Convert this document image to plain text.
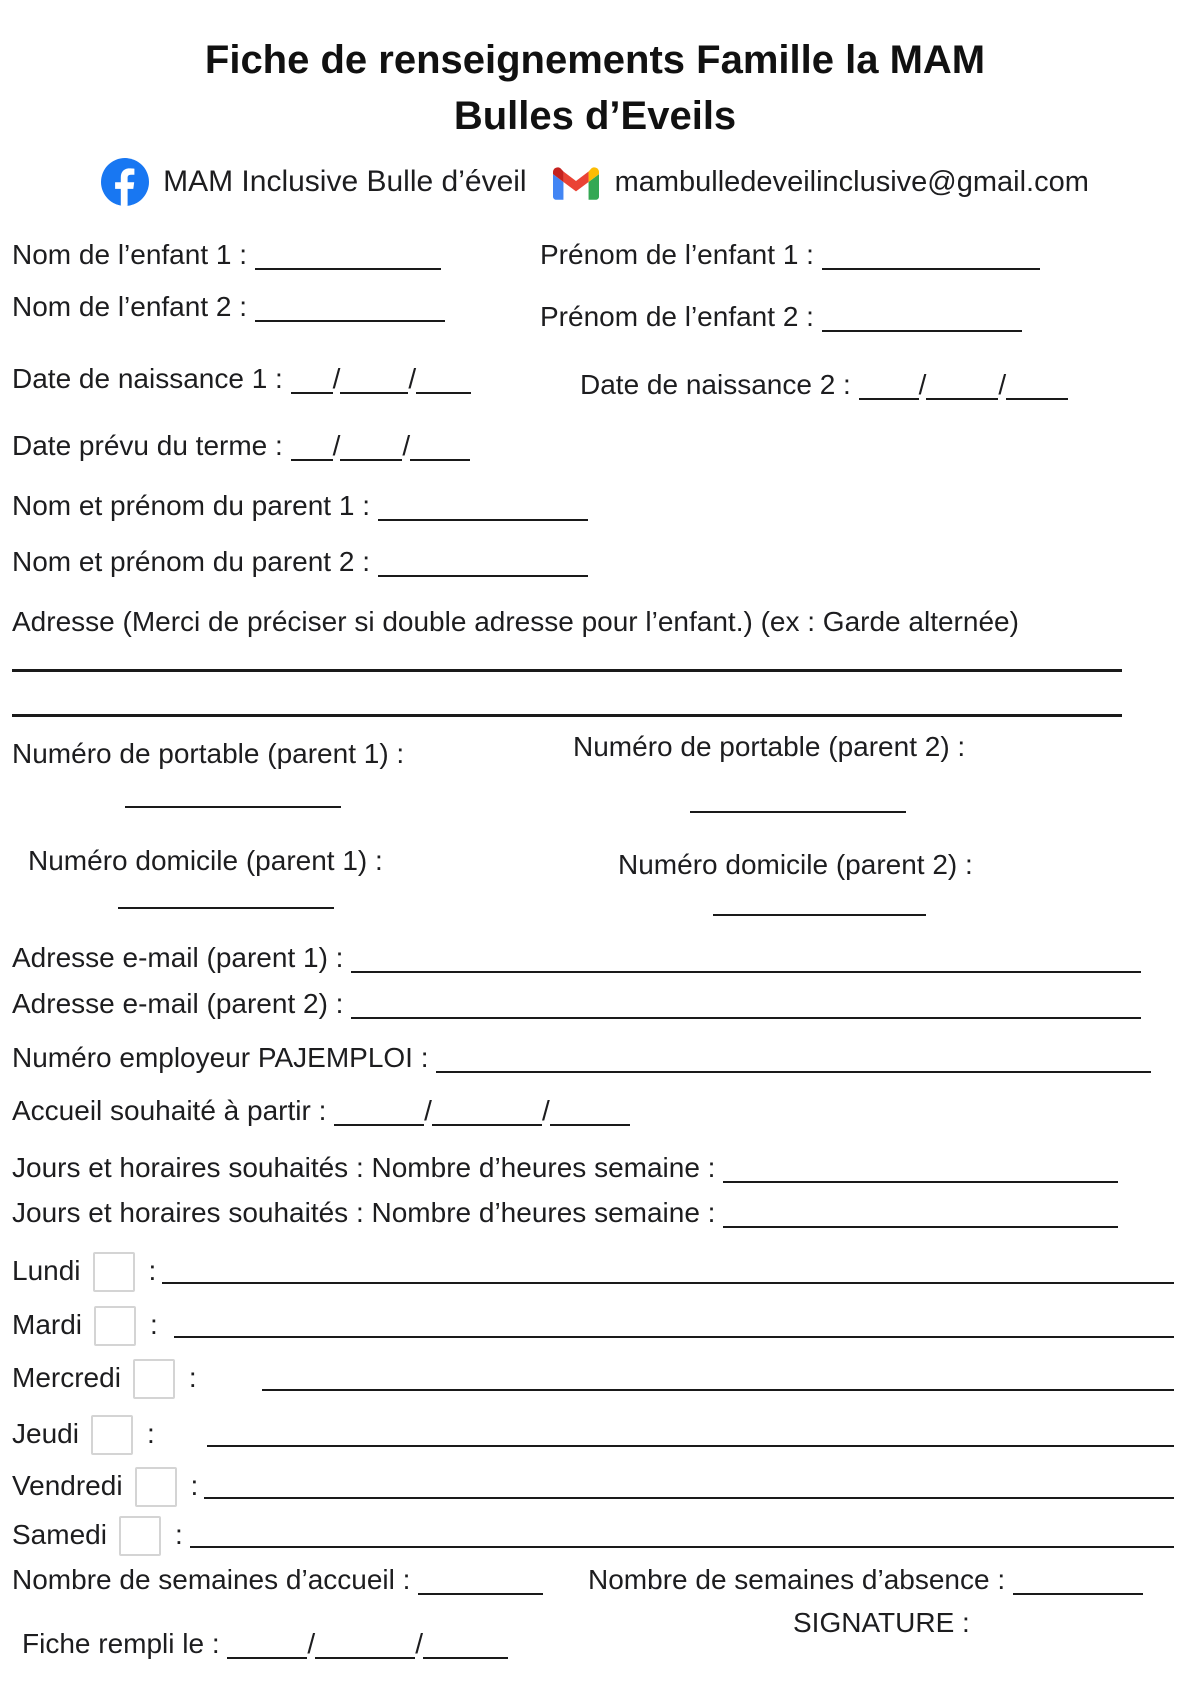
Fiche de renseignements Famille la MAM
Bulles d’Eveils
MAM Inclusive Bulle d’éveil	mambulledeveilinclusive@gmail.com
Nom de l’enfant 1 :	Prénom de l’enfant 1 :
Nom de l’enfant 2 :	Prénom de l’enfant 2 :
Date de naissance 1 : / /	Date de naissance 2 : /	/
Date prévu du terme : / /
Nom et prénom du parent 1 :
Nom et prénom du parent 2 :
Adresse (Merci de préciser si double adresse pour l’enfant.) (ex : Garde alternée)
Numéro de portable (parent 1) :	Numéro de portable (parent 2) :
Numéro domicile (parent 1) :	Numéro domicile (parent 2) :
Adresse e-mail (parent 1) :
Adresse e-mail (parent 2) :
Numéro employeur PAJEMPLOI :
Accueil souhaité à partir :	/	/
Jours et horaires souhaités : Nombre d’heures semaine :
Jours et horaires souhaités : Nombre d’heures semaine :
Lundi :
Mardi :
Mercredi :
Jeudi :
Vendredi :
Samedi :
Nombre de semaines d’accueil :	Nombre de semaines d’absence :
SIGNATURE :
Fiche rempli le :	/	/
